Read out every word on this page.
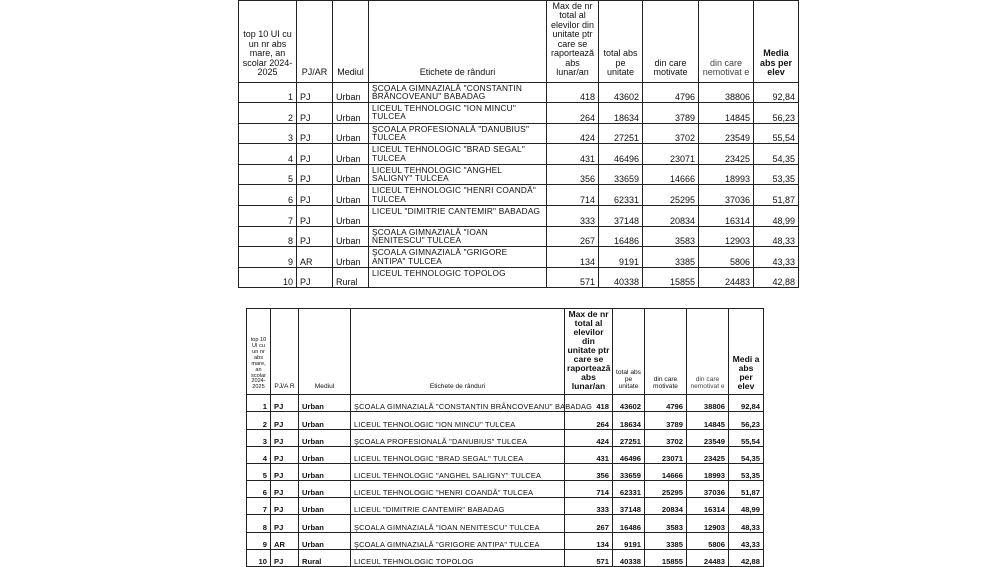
top 10 UI cu un nr abs mare, an scolar 2024-2025	PJ/AR	Mediul	Etichete de rânduri	Max de nr total al elevilor din unitate ptr care se raportează abs lunar/an	total abs pe unitate	din care motivate	din care nemotivat e	Media abs per elev
1	PJ	Urban	ŞCOALA GIMNAZIALĂ "CONSTANTIN BRÂNCOVEANU" BABADAG	418	43602	4796	38806	92,84
2	PJ	Urban	LICEUL TEHNOLOGIC "ION MINCU" TULCEA	264	18634	3789	14845	56,23
3	PJ	Urban	ŞCOALA PROFESIONALĂ "DANUBIUS" TULCEA	424	27251	3702	23549	55,54
4	PJ	Urban	LICEUL TEHNOLOGIC "BRAD SEGAL" TULCEA	431	46496	23071	23425	54,35
5	PJ	Urban	LICEUL TEHNOLOGIC "ANGHEL SALIGNY" TULCEA	356	33659	14666	18993	53,35
6	PJ	Urban	LICEUL TEHNOLOGIC "HENRI COANDĂ" TULCEA	714	62331	25295	37036	51,87
7	PJ	Urban	LICEUL "DIMITRIE CANTEMIR" BABADAG	333	37148	20834	16314	48,99
8	PJ	Urban	ŞCOALA GIMNAZIALĂ "IOAN NENITESCU" TULCEA	267	16486	3583	12903	48,33
9	AR	Urban	ŞCOALA GIMNAZIALĂ "GRIGORE ANTIPA" TULCEA	134	9191	3385	5806	43,33
10	PJ	Rural	LICEUL TEHNOLOGIC TOPOLOG	571	40338	15855	24483	42,88
top 10 UI cu un nr abs mare, an scolar 2024-2025	PJ/A R	Mediul	Etichete de rânduri	Max de nr total al elevilor din unitate ptr care se raportează abs lunar/an	total abs pe unitate	din care motivate	din care nemotivat e	Medi a abs per elev
1	PJ	Urban	ŞCOALA GIMNAZIALĂ "CONSTANTIN BRÂNCOVEANU" BABADAG	418	43602	4796	38806	92,84
2	PJ	Urban	LICEUL TEHNOLOGIC "ION MINCU" TULCEA	264	18634	3789	14845	56,23
3	PJ	Urban	ŞCOALA PROFESIONALĂ "DANUBIUS" TULCEA	424	27251	3702	23549	55,54
4	PJ	Urban	LICEUL TEHNOLOGIC "BRAD SEGAL" TULCEA	431	46496	23071	23425	54,35
5	PJ	Urban	LICEUL TEHNOLOGIC "ANGHEL SALIGNY" TULCEA	356	33659	14666	18993	53,35
6	PJ	Urban	LICEUL TEHNOLOGIC "HENRI COANDĂ" TULCEA	714	62331	25295	37036	51,87
7	PJ	Urban	LICEUL "DIMITRIE CANTEMIR" BABADAG	333	37148	20834	16314	48,99
8	PJ	Urban	ŞCOALA GIMNAZIALĂ "IOAN NENITESCU" TULCEA	267	16486	3583	12903	48,33
9	AR	Urban	ŞCOALA GIMNAZIALĂ "GRIGORE ANTIPA" TULCEA	134	9191	3385	5806	43,33
10	PJ	Rural	LICEUL TEHNOLOGIC TOPOLOG	571	40338	15855	24483	42,88
